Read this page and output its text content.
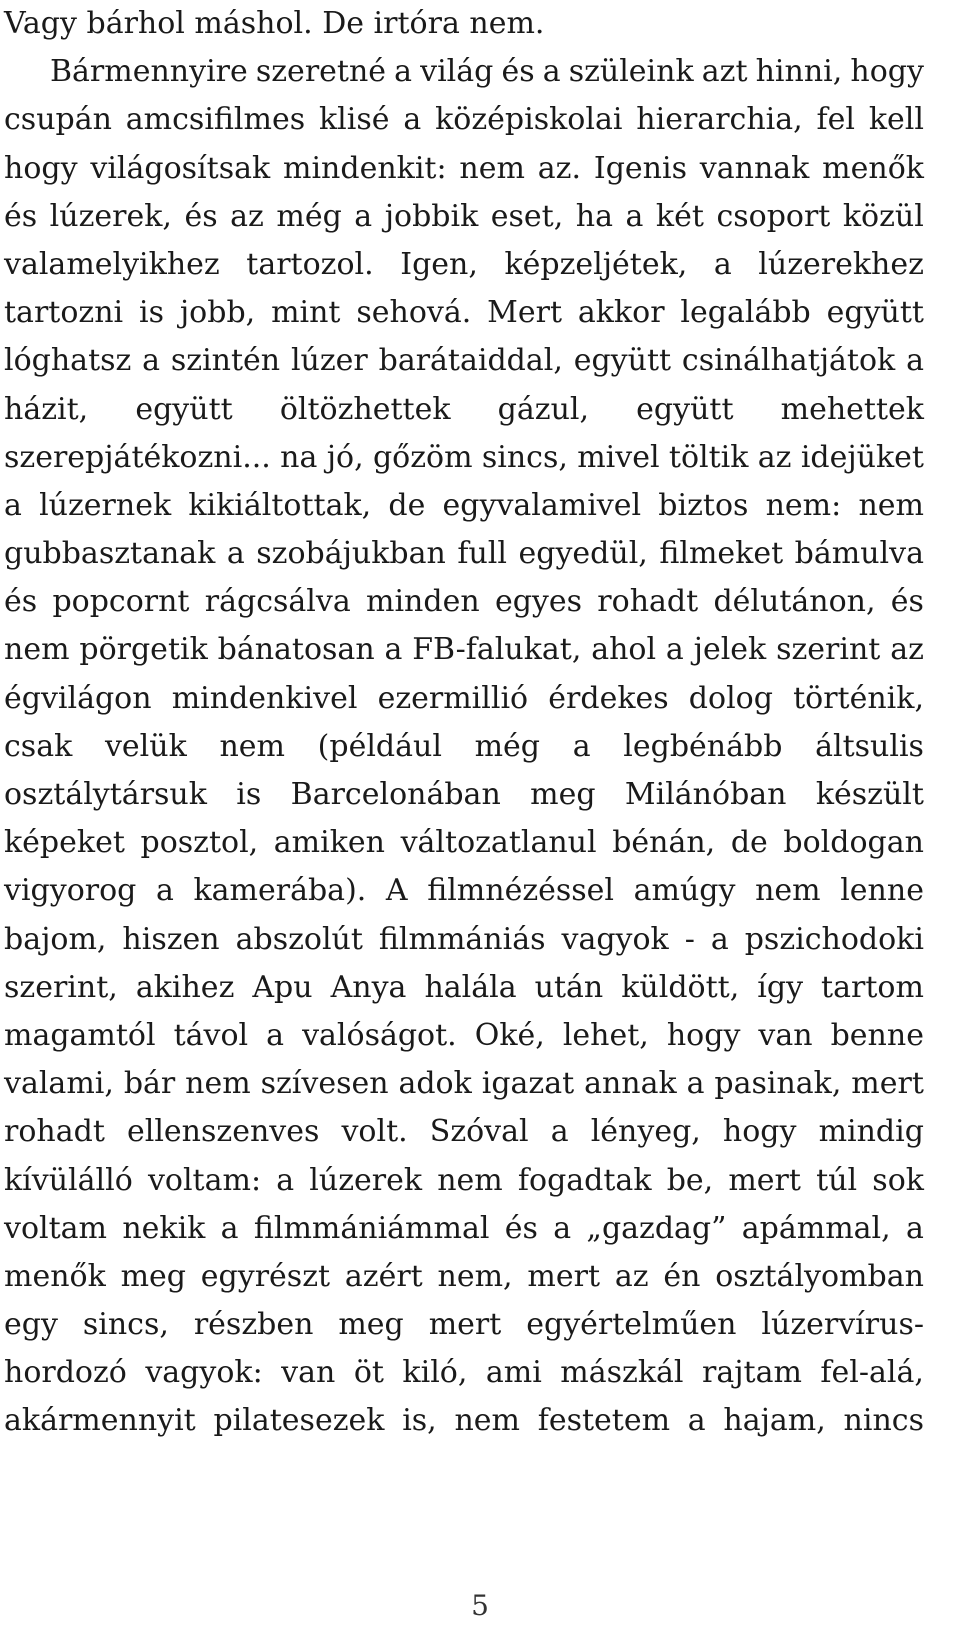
Vagy bárhol máshol. De irtóra nem.
Bármennyire szeretné a világ és a szüleink azt hinni, hogy
csupán amcsifilmes klisé a középiskolai hierarchia, fel kell
hogy világosítsak mindenkit: nem az. Igenis vannak menők
és lúzerek, és az még a jobbik eset, ha a két csoport közül
valamelyikhez tartozol. Igen, képzeljétek, a lúzerekhez
tartozni is jobb, mint sehová. Mert akkor legalább együtt
lóghatsz a szintén lúzer barátaiddal, együtt csinálhatjátok a
házit, együtt öltözhettek gázul, együtt mehettek
szerepjátékozni... na jó, gőzöm sincs, mivel töltik az idejüket
a lúzernek kikiáltottak, de egyvalamivel biztos nem: nem
gubbasztanak a szobájukban full egyedül, filmeket bámulva
és popcornt rágcsálva minden egyes rohadt délutánon, és
nem pörgetik bánatosan a FB-falukat, ahol a jelek szerint az
égvilágon mindenkivel ezermillió érdekes dolog történik,
csak velük nem (például még a legbénább áltsulis
osztálytársuk is Barcelonában meg Milánóban készült
képeket posztol, amiken változatlanul bénán, de boldogan
vigyorog a kamerába). A filmnézéssel amúgy nem lenne
bajom, hiszen abszolút filmmániás vagyok - a pszichodoki
szerint, akihez Apu Anya halála után küldött, így tartom
magamtól távol a valóságot. Oké, lehet, hogy van benne
valami, bár nem szívesen adok igazat annak a pasinak, mert
rohadt ellenszenves volt. Szóval a lényeg, hogy mindig
kívülálló voltam: a lúzerek nem fogadtak be, mert túl sok
voltam nekik a filmmániámmal és a „gazdag” apámmal, a
menők meg egyrészt azért nem, mert az én osztályomban
egy sincs, részben meg mert egyértelműen lúzervírus-
hordozó vagyok: van öt kiló, ami mászkál rajtam fel-alá,
akármennyit pilatesezek is, nem festetem a hajam, nincs
5
